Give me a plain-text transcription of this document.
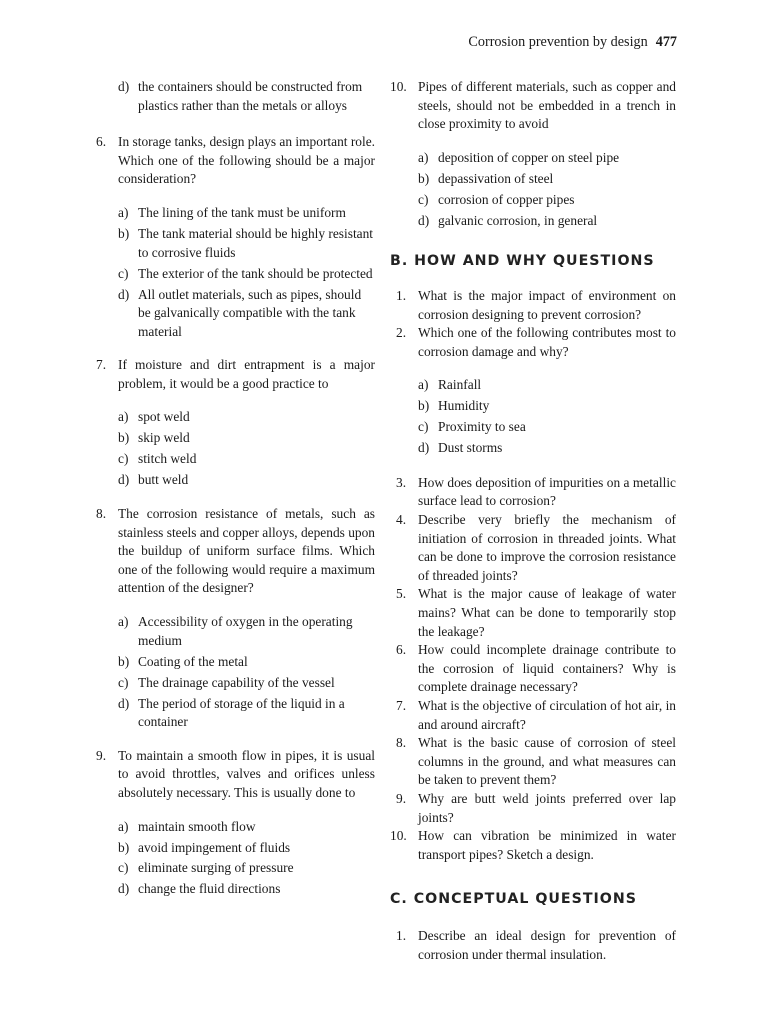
Corrosion prevention by design 477
d) the containers should be constructed from plastics rather than the metals or alloys
6. In storage tanks, design plays an important role. Which one of the following should be a major consideration?
a) The lining of the tank must be uniform
b) The tank material should be highly resistant to corrosive fluids
c) The exterior of the tank should be protected
d) All outlet materials, such as pipes, should be galvanically compatible with the tank material
7. If moisture and dirt entrapment is a major problem, it would be a good practice to
a) spot weld
b) skip weld
c) stitch weld
d) butt weld
8. The corrosion resistance of metals, such as stainless steels and copper alloys, depends upon the buildup of uniform surface films. Which one of the following would require a maximum attention of the designer?
a) Accessibility of oxygen in the operating medium
b) Coating of the metal
c) The drainage capability of the vessel
d) The period of storage of the liquid in a container
9. To maintain a smooth flow in pipes, it is usual to avoid throttles, valves and orifices unless absolutely necessary. This is usually done to
a) maintain smooth flow
b) avoid impingement of fluids
c) eliminate surging of pressure
d) change the fluid directions
10. Pipes of different materials, such as copper and steels, should not be embedded in a trench in close proximity to avoid
a) deposition of copper on steel pipe
b) depassivation of steel
c) corrosion of copper pipes
d) galvanic corrosion, in general
B. HOW AND WHY QUESTIONS
1. What is the major impact of environment on corrosion designing to prevent corrosion?
2. Which one of the following contributes most to corrosion damage and why?
a) Rainfall
b) Humidity
c) Proximity to sea
d) Dust storms
3. How does deposition of impurities on a metallic surface lead to corrosion?
4. Describe very briefly the mechanism of initiation of corrosion in threaded joints. What can be done to improve the corrosion resistance of threaded joints?
5. What is the major cause of leakage of water mains? What can be done to temporarily stop the leakage?
6. How could incomplete drainage contribute to the corrosion of liquid containers? Why is complete drainage necessary?
7. What is the objective of circulation of hot air, in and around aircraft?
8. What is the basic cause of corrosion of steel columns in the ground, and what measures can be taken to prevent them?
9. Why are butt weld joints preferred over lap joints?
10. How can vibration be minimized in water transport pipes? Sketch a design.
C. CONCEPTUAL QUESTIONS
1. Describe an ideal design for prevention of corrosion under thermal insulation.
